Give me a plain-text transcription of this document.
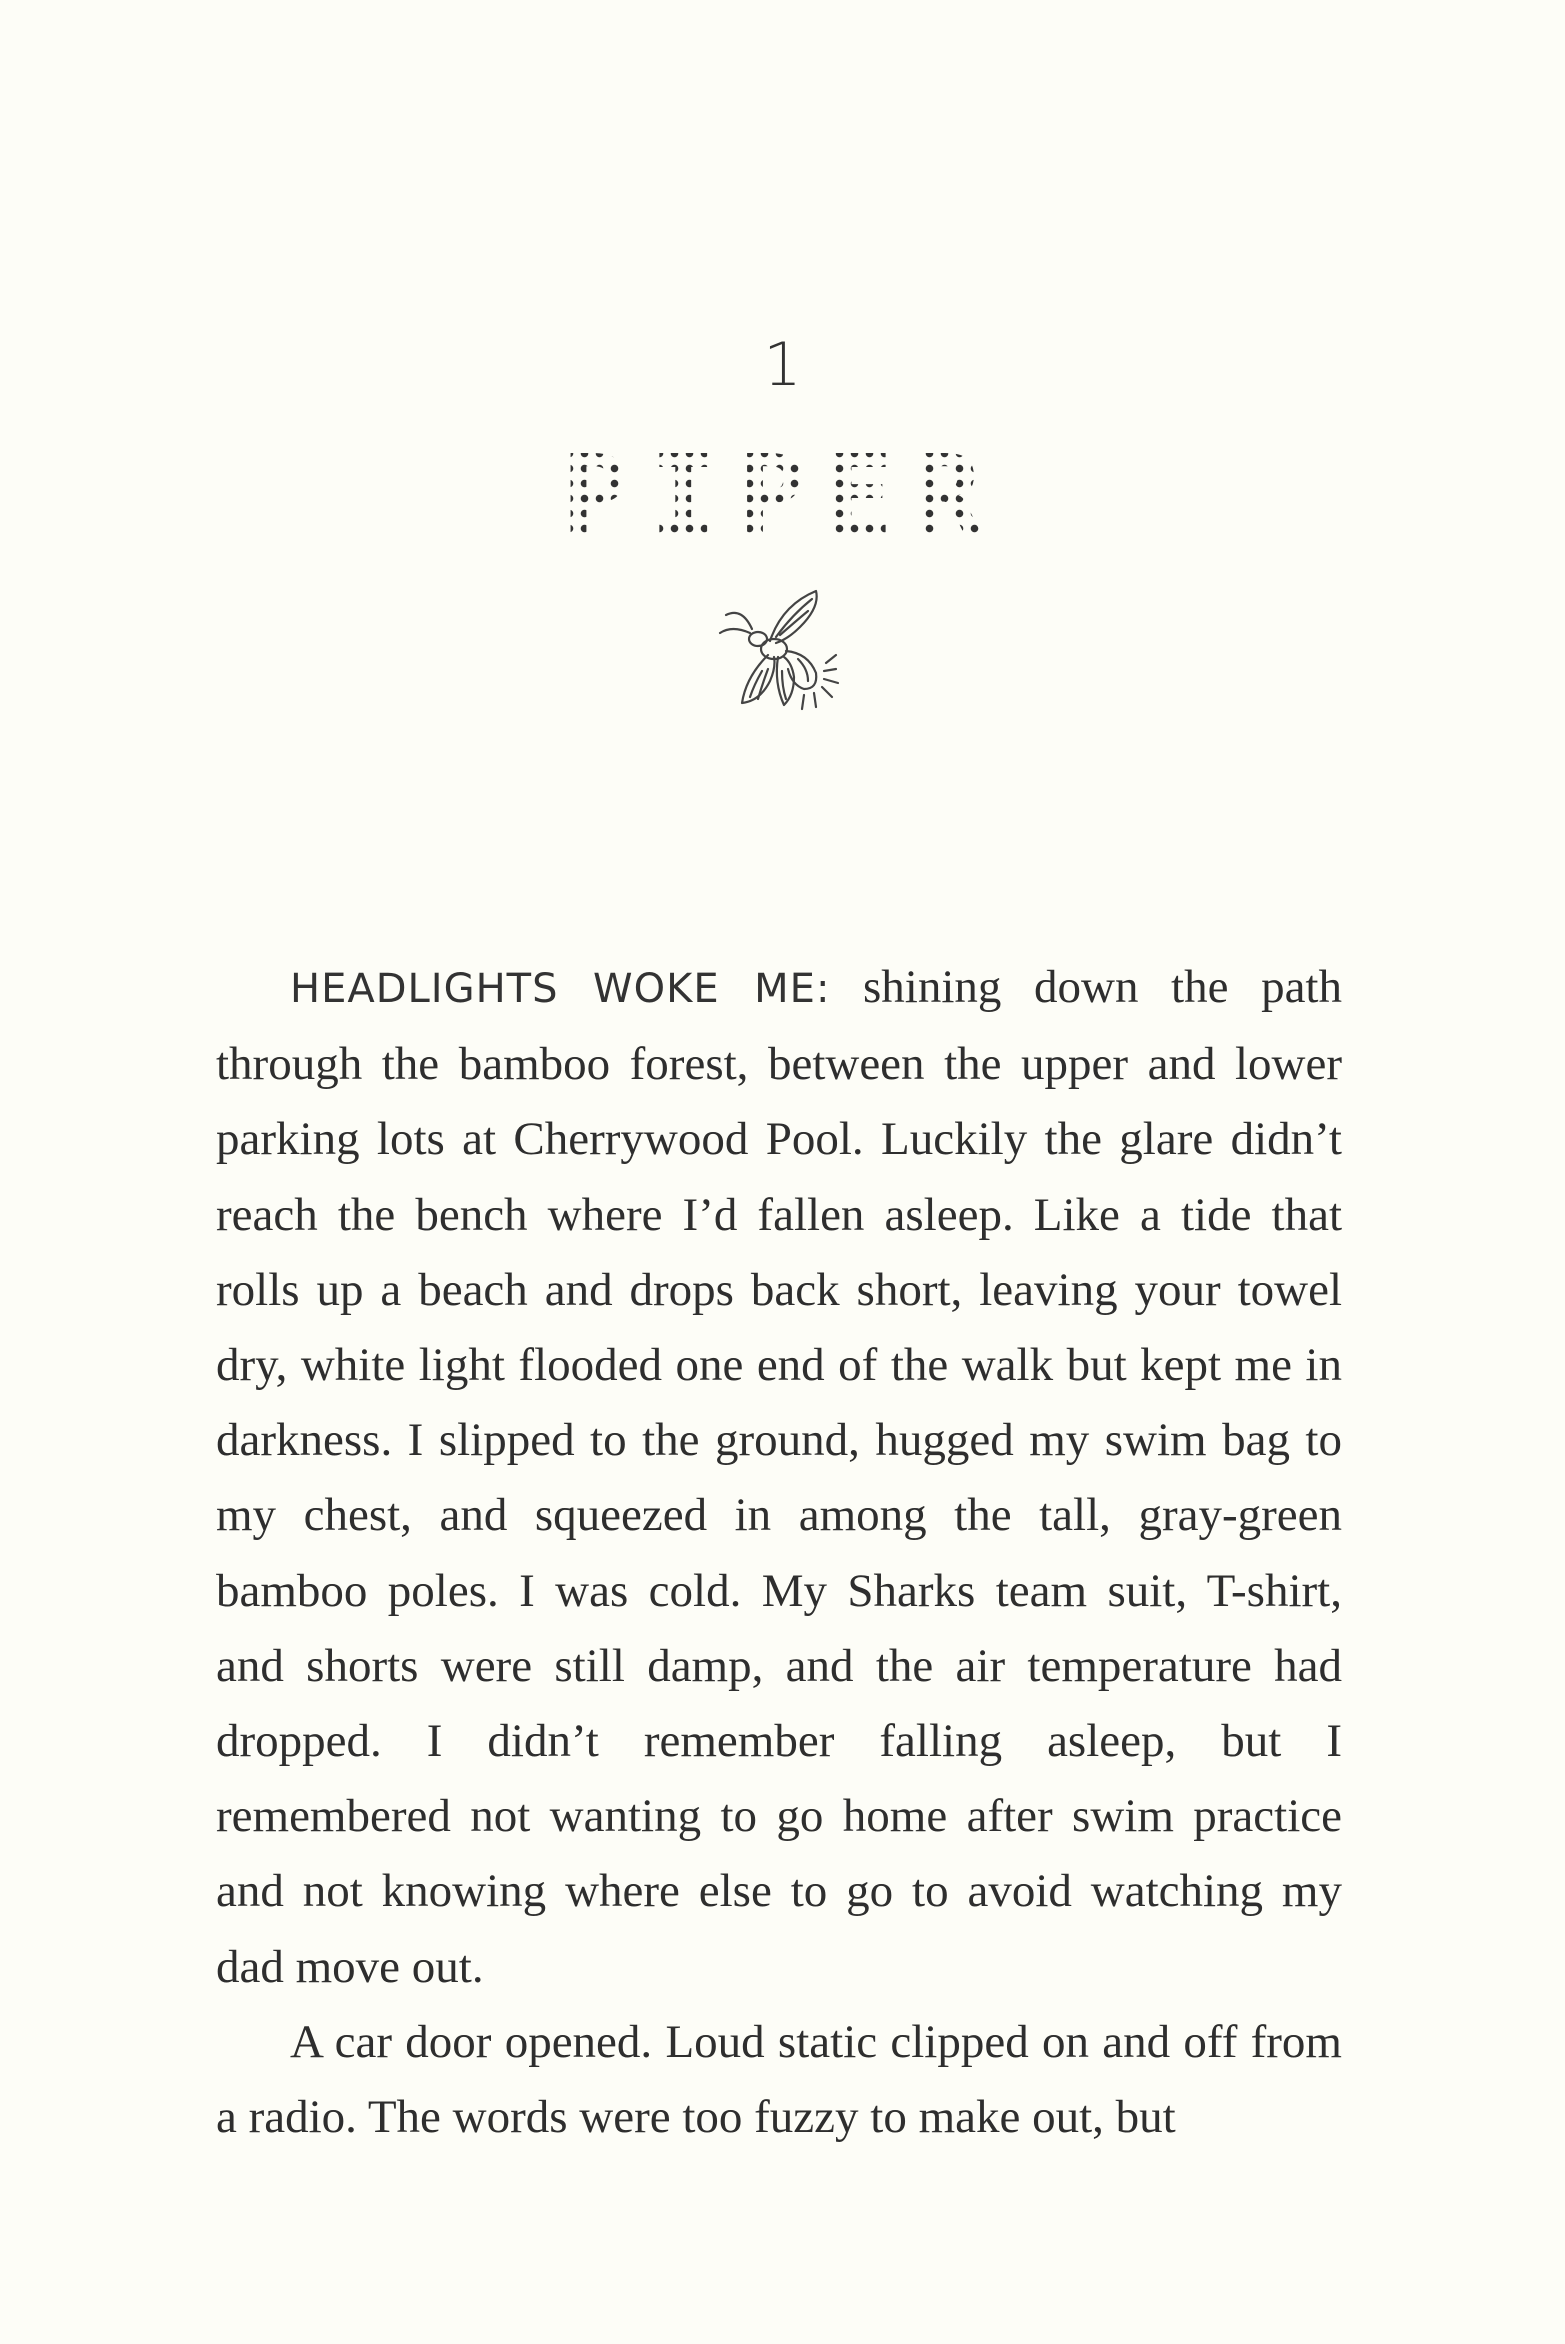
1
PIPER

HEADLIGHTS WOKE ME: shining down the path through the bamboo forest, between the upper and lower parking lots at Cherrywood Pool. Luckily the glare didn’t reach the bench where I’d fallen asleep. Like a tide that rolls up a beach and drops back short, leaving your towel dry, white light flooded one end of the walk but kept me in darkness. I slipped to the ground, hugged my swim bag to my chest, and squeezed in among the tall, gray-green bamboo poles. I was cold. My Sharks team suit, T-shirt, and shorts were still damp, and the air temperature had dropped. I didn’t remember falling asleep, but I remembered not wanting to go home after swim practice and not knowing where else to go to avoid watching my dad move out.

A car door opened. Loud static clipped on and off from a radio. The words were too fuzzy to make out, but
